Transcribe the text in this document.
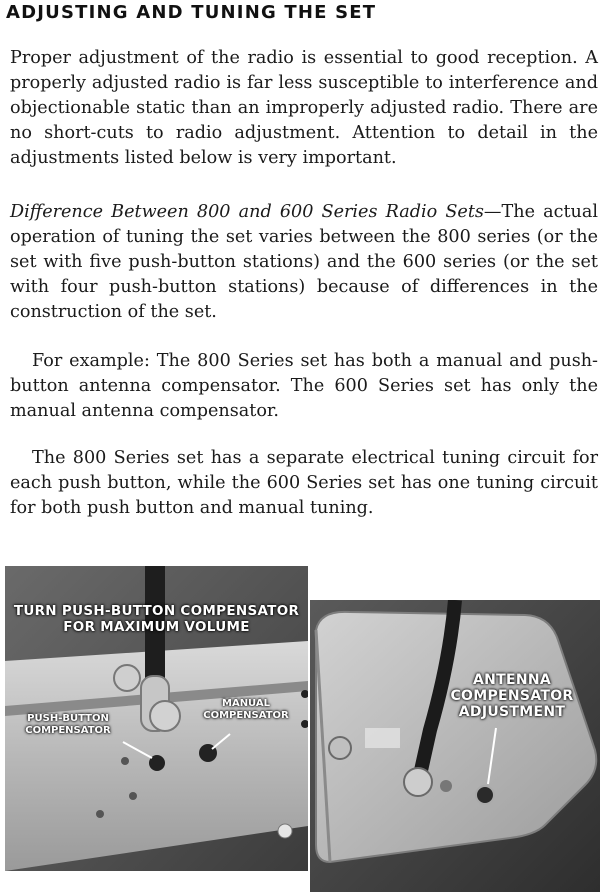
ADJUSTING AND TUNING THE SET

Proper adjustment of the radio is essential to good reception. A properly adjusted radio is far less susceptible to interference and objectionable static than an improperly adjusted radio. There are no short-cuts to radio adjustment. Attention to detail in the adjustments listed below is very important.

Difference Between 800 and 600 Series Radio Sets—The actual operation of tuning the set varies between the 800 series (or the set with five push-button stations) and the 600 series (or the set with four push-button stations) because of differences in the construction of the set.

For example: The 800 Series set has both a manual and push-button antenna compensator. The 600 Series set has only the manual antenna compensator.

The 800 Series set has a separate electrical tuning circuit for each push button, while the 600 Series set has one tuning circuit for both push button and manual tuning.

TURN PUSH-BUTTON COMPENSATOR
FOR MAXIMUM VOLUME
MANUAL
COMPENSATOR
PUSH-BUTTON
COMPENSATOR
ANTENNA
COMPENSATOR
ADJUSTMENT
